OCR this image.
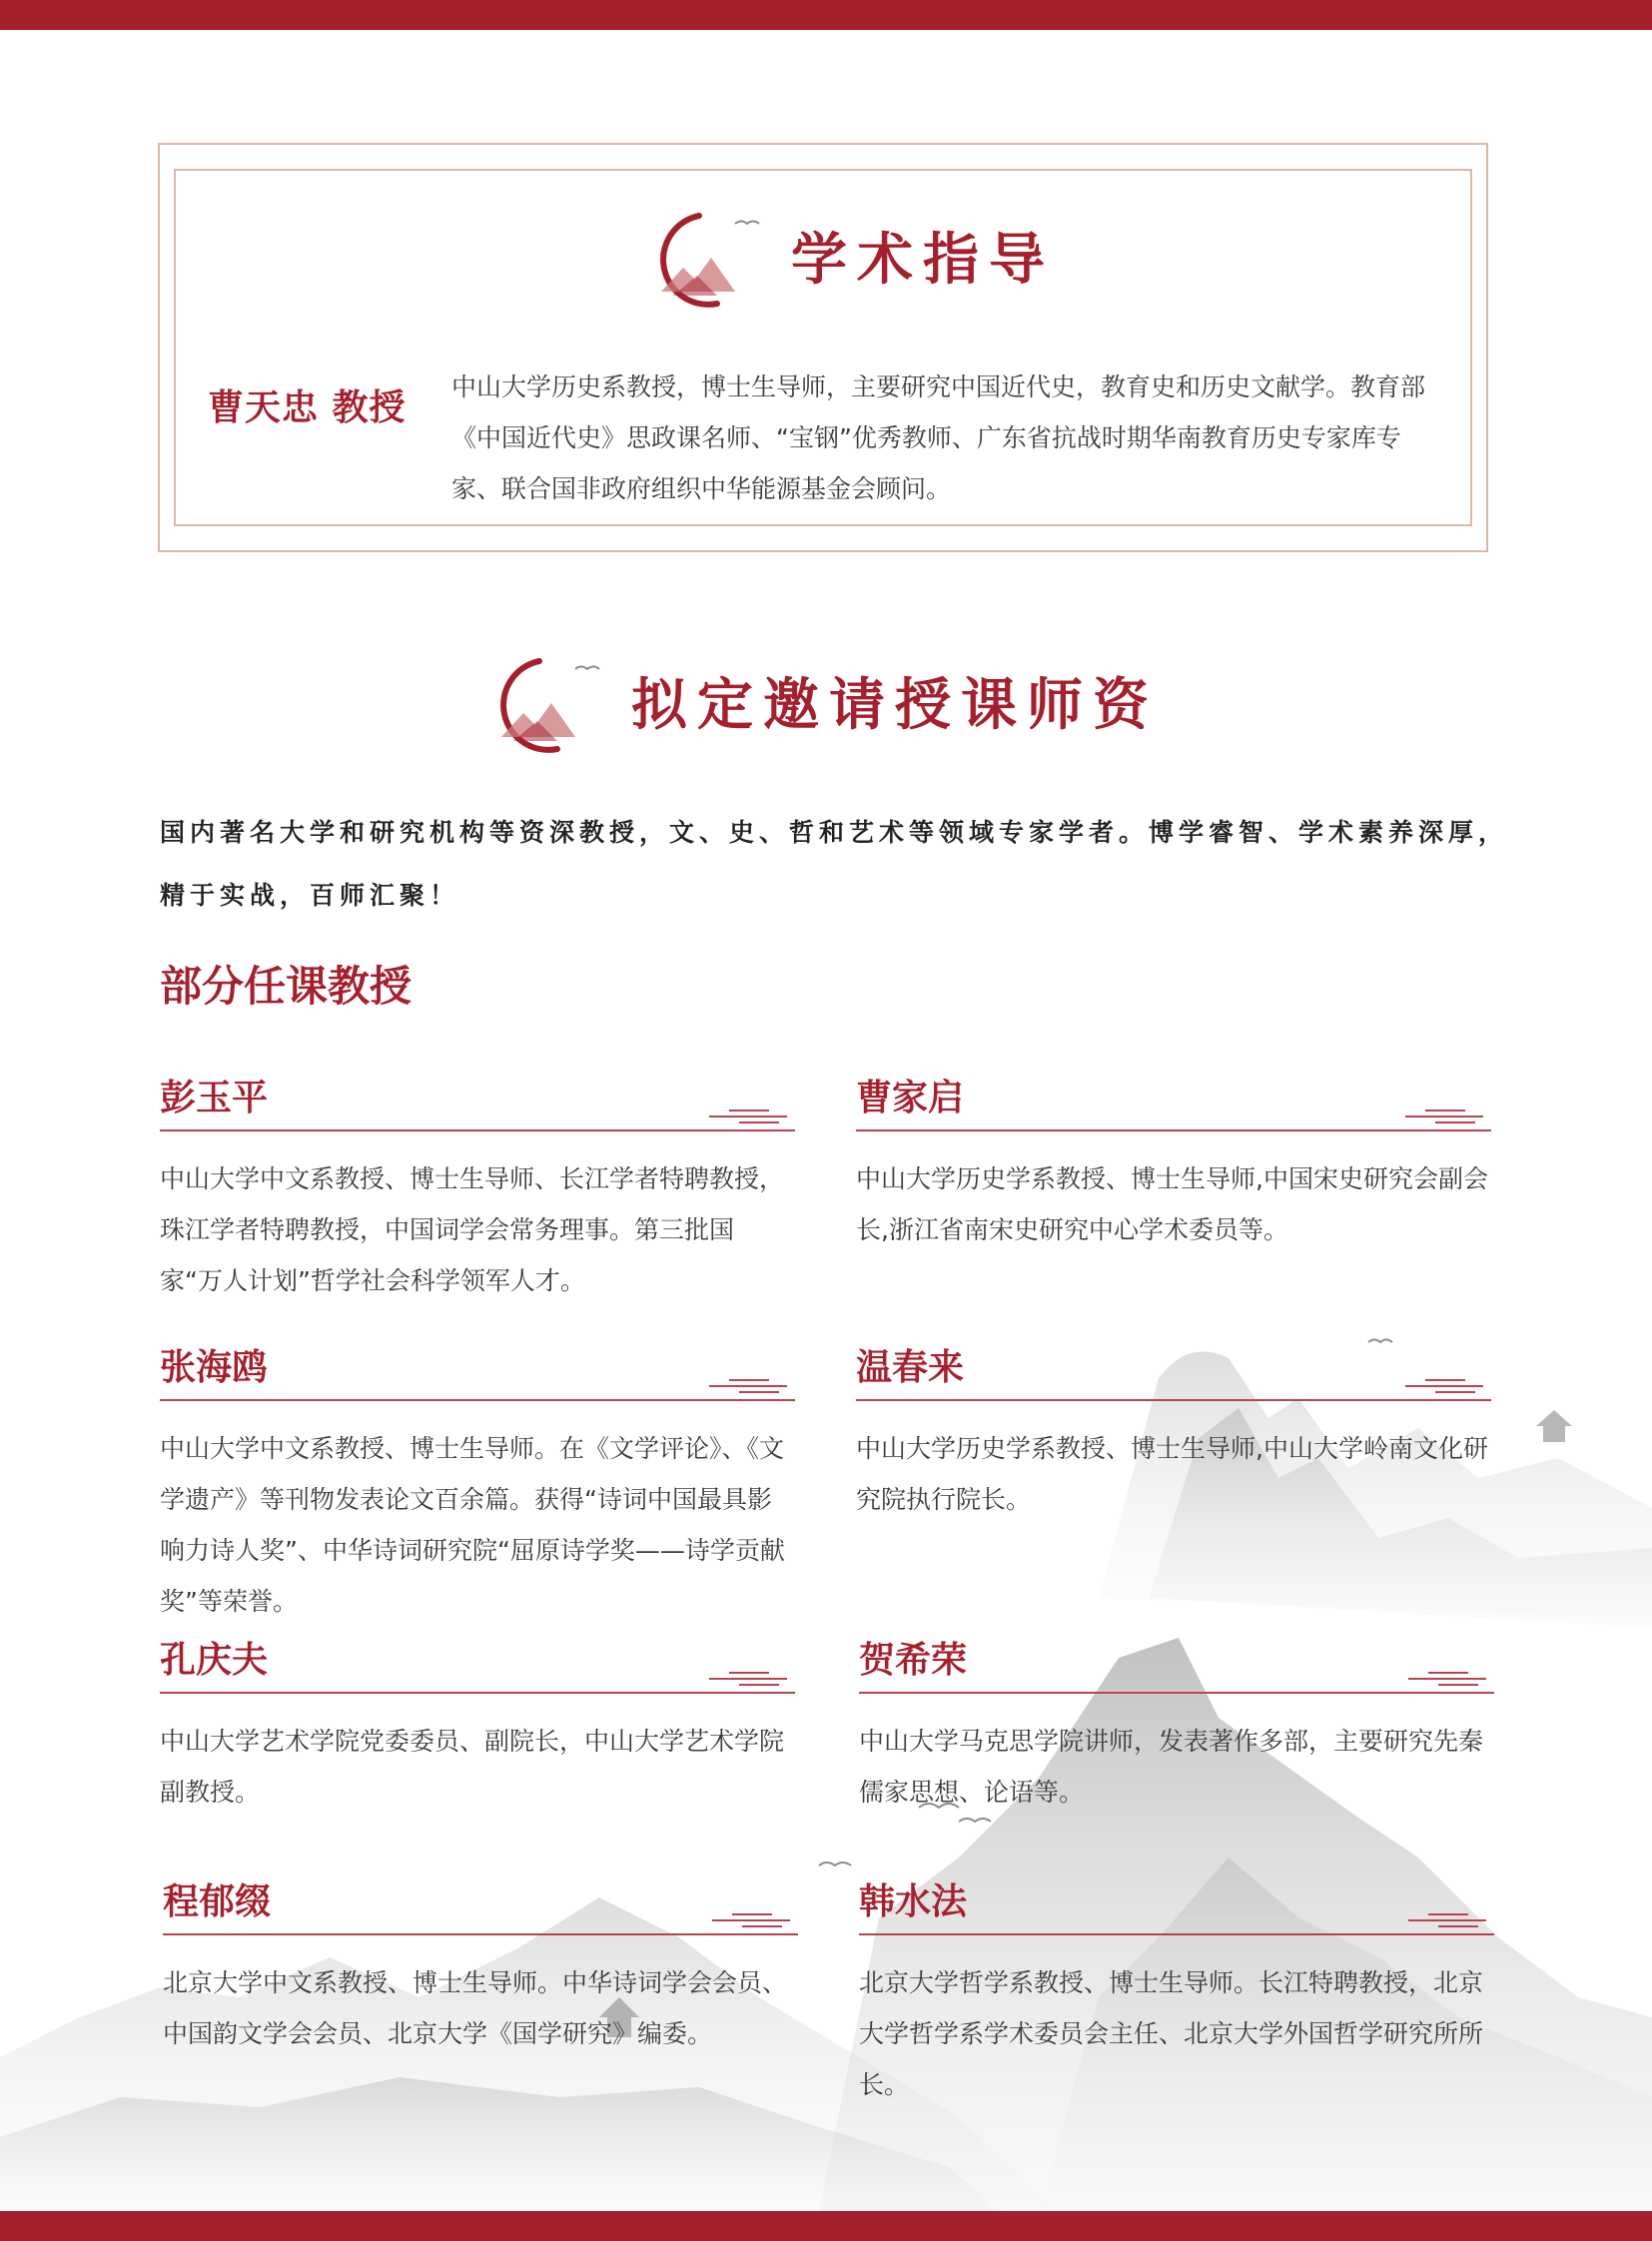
学术指导
曹天忠 教授
中山大学历史系教授，博士生导师，主要研究中国近代史，教育史和历史文献学。教育部《中国近代史》思政课名师、“宝钢”优秀教师、广东省抗战时期华南教育历史专家库专家、联合国非政府组织中华能源基金会顾问。
拟定邀请授课师资
国内著名大学和研究机构等资深教授，文、史、哲和艺术等领域专家学者。博学睿智、学术素养深厚，精于实战，百师汇聚！
部分任课教授
彭玉平
中山大学中文系教授、博士生导师、长江学者特聘教授，珠江学者特聘教授，中国词学会常务理事。第三批国家“万人计划”哲学社会科学领军人才。
曹家启
中山大学历史学系教授、博士生导师,中国宋史研究会副会长,浙江省南宋史研究中心学术委员等。
张海鸥
中山大学中文系教授、博士生导师。在《文学评论》、《文学遗产》等刊物发表论文百余篇。获得“诗词中国最具影响力诗人奖”、中华诗词研究院“屈原诗学奖——诗学贡献奖”等荣誉。
温春来
中山大学历史学系教授、博士生导师,中山大学岭南文化研究院执行院长。
孔庆夫
中山大学艺术学院党委委员、副院长，中山大学艺术学院副教授。
贺希荣
中山大学马克思学院讲师，发表著作多部，主要研究先秦儒家思想、论语等。
程郁缀
北京大学中文系教授、博士生导师。中华诗词学会会员、中国韵文学会会员、北京大学《国学研究》编委。
韩水法
北京大学哲学系教授、博士生导师。长江特聘教授，北京大学哲学系学术委员会主任、北京大学外国哲学研究所所长。
